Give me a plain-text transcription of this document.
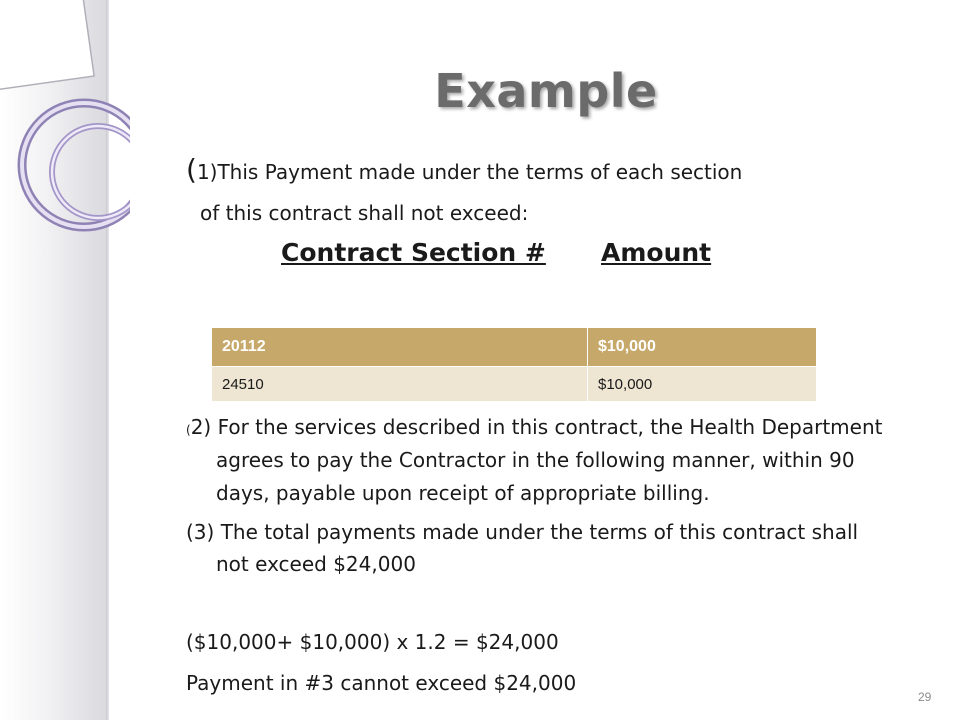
Example
(1)This Payment made under the terms of each section
of this contract shall not exceed:
Contract Section # Amount
20112	$10,000
24510	$10,000
(2) For the services described in this contract, the Health Department
agrees to pay the Contractor in the following manner, within 90
days, payable upon receipt of appropriate billing.
(3) The total payments made under the terms of this contract shall
not exceed $24,000
($10,000+ $10,000) x 1.2 = $24,000
Payment in #3 cannot exceed $24,000
29
